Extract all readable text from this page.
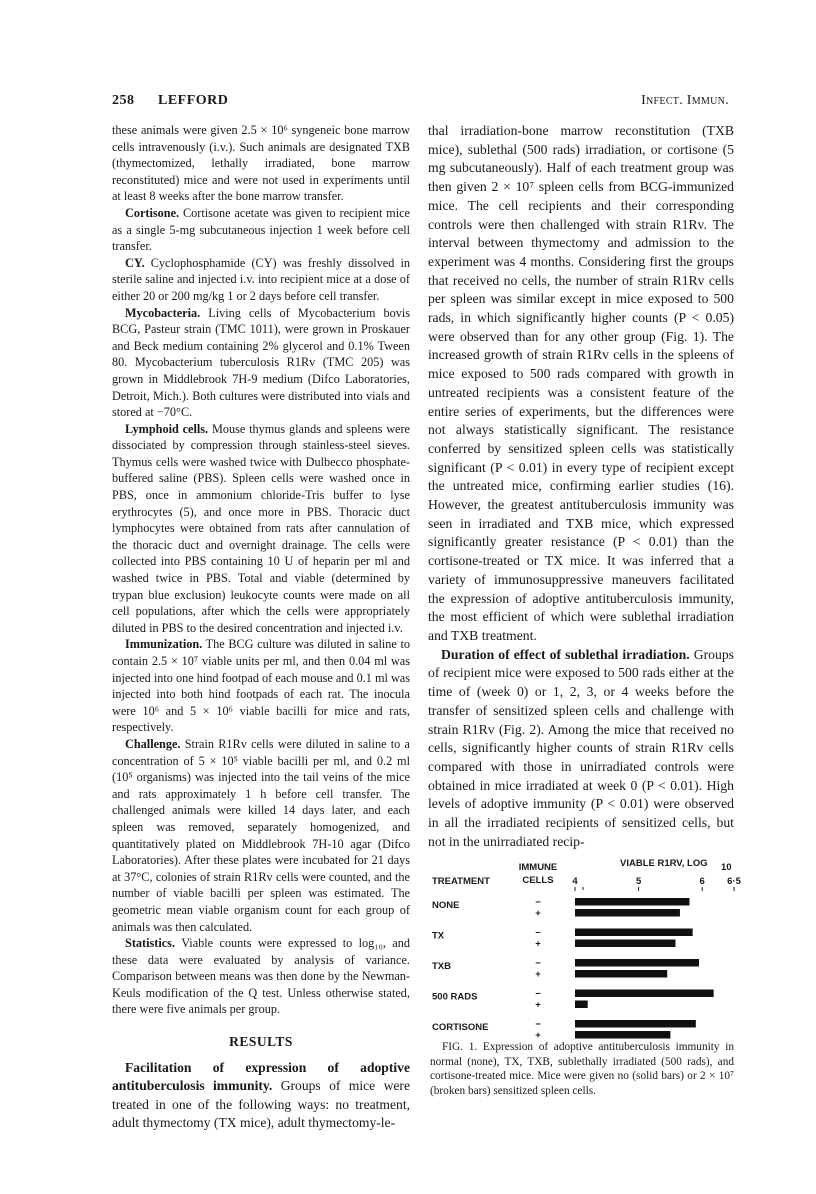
258 LEFFORD	Infect. Immun.

these animals were given 2.5 × 10⁶ syngeneic bone marrow cells intravenously (i.v.). Such animals are designated TXB (thymectomized, lethally irradiated, bone marrow reconstituted) mice and were not used in experiments until at least 8 weeks after the bone marrow transfer.

Cortisone. Cortisone acetate was given to recipient mice as a single 5-mg subcutaneous injection 1 week before cell transfer.

CY. Cyclophosphamide (CY) was freshly dissolved in sterile saline and injected i.v. into recipient mice at a dose of either 20 or 200 mg/kg 1 or 2 days before cell transfer.

Mycobacteria. Living cells of Mycobacterium bovis BCG, Pasteur strain (TMC 1011), were grown in Proskauer and Beck medium containing 2% glycerol and 0.1% Tween 80. Mycobacterium tuberculosis R1Rv (TMC 205) was grown in Middlebrook 7H-9 medium (Difco Laboratories, Detroit, Mich.). Both cultures were distributed into vials and stored at −70°C.

Lymphoid cells. Mouse thymus glands and spleens were dissociated by compression through stainless-steel sieves. Thymus cells were washed twice with Dulbecco phosphate-buffered saline (PBS). Spleen cells were washed once in PBS, once in ammonium chloride-Tris buffer to lyse erythrocytes (5), and once more in PBS. Thoracic duct lymphocytes were obtained from rats after cannulation of the thoracic duct and overnight drainage. The cells were collected into PBS containing 10 U of heparin per ml and washed twice in PBS. Total and viable (determined by trypan blue exclusion) leukocyte counts were made on all cell populations, after which the cells were appropriately diluted in PBS to the desired concentration and injected i.v.

Immunization. The BCG culture was diluted in saline to contain 2.5 × 10⁷ viable units per ml, and then 0.04 ml was injected into one hind footpad of each mouse and 0.1 ml was injected into both hind footpads of each rat. The inocula were 10⁶ and 5 × 10⁶ viable bacilli for mice and rats, respectively.

Challenge. Strain R1Rv cells were diluted in saline to a concentration of 5 × 10⁵ viable bacilli per ml, and 0.2 ml (10⁵ organisms) was injected into the tail veins of the mice and rats approximately 1 h before cell transfer. The challenged animals were killed 14 days later, and each spleen was removed, separately homogenized, and quantitatively plated on Middlebrook 7H-10 agar (Difco Laboratories). After these plates were incubated for 21 days at 37°C, colonies of strain R1Rv cells were counted, and the number of viable bacilli per spleen was estimated. The geometric mean viable organism count for each group of animals was then calculated.

Statistics. Viable counts were expressed to log₁₀, and these data were evaluated by analysis of variance. Comparison between means was then done by the Newman-Keuls modification of the Q test. Unless otherwise stated, there were five animals per group.

RESULTS

Facilitation of expression of adoptive antituberculosis immunity. Groups of mice were treated in one of the following ways: no treatment, adult thymectomy (TX mice), adult thymectomy-le-

thal irradiation-bone marrow reconstitution (TXB mice), sublethal (500 rads) irradiation, or cortisone (5 mg subcutaneously). Half of each treatment group was then given 2 × 10⁷ spleen cells from BCG-immunized mice. The cell recipients and their corresponding controls were then challenged with strain R1Rv. The interval between thymectomy and admission to the experiment was 4 months. Considering first the groups that received no cells, the number of strain R1Rv cells per spleen was similar except in mice exposed to 500 rads, in which significantly higher counts (P < 0.05) were observed than for any other group (Fig. 1). The increased growth of strain R1Rv cells in the spleens of mice exposed to 500 rads compared with growth in untreated recipients was a consistent feature of the entire series of experiments, but the differences were not always statistically significant. The resistance conferred by sensitized spleen cells was statistically significant (P < 0.01) in every type of recipient except the untreated mice, confirming earlier studies (16). However, the greatest antituberculosis immunity was seen in irradiated and TXB mice, which expressed significantly greater resistance (P < 0.01) than the cortisone-treated or TX mice. It was inferred that a variety of immunosuppressive maneuvers facilitated the expression of adoptive antituberculosis immunity, the most efficient of which were sublethal irradiation and TXB treatment.

Duration of effect of sublethal irradiation. Groups of recipient mice were exposed to 500 rads either at the time of (week 0) or 1, 2, 3, or 4 weeks before the transfer of sensitized spleen cells and challenge with strain R1Rv (Fig. 2). Among the mice that received no cells, significantly higher counts of strain R1Rv cells compared with those in unirradiated controls were obtained in mice irradiated at week 0 (P < 0.01). High levels of adoptive immunity (P < 0.01) were observed in all the irradiated recipients of sensitized cells, but not in the unirradiated recip-

IMMUNE
CELLS
TREATMENT
VIABLE R1RV, LOG 10
4	5	6 6·5
NONE	−
+
TX	−
+
TXB	−
+
500 RADS	−
+
CORTISONE	−
+

FIG. 1. Expression of adoptive antituberculosis immunity in normal (none), TX, TXB, sublethally irradiated (500 rads), and cortisone-treated mice. Mice were given no (solid bars) or 2 × 10⁷ (broken bars) sensitized spleen cells.
